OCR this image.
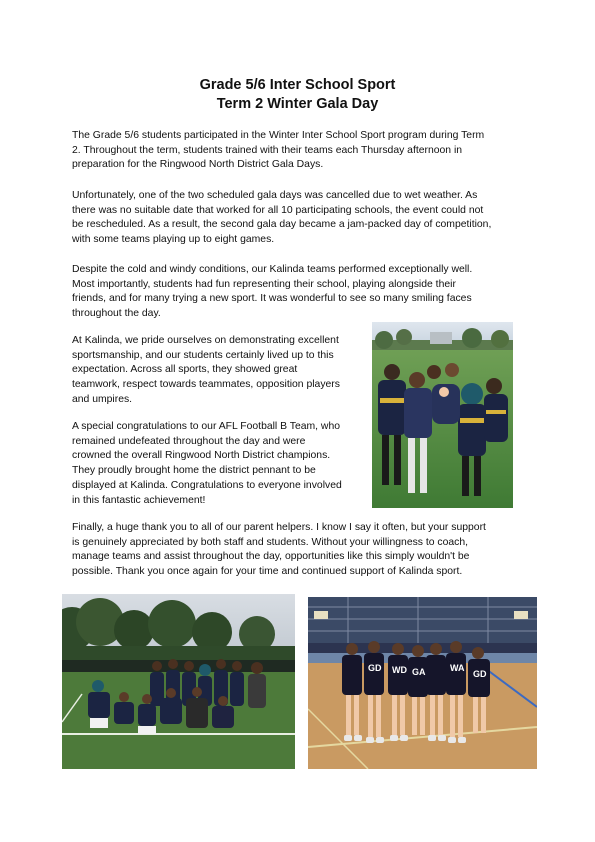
Grade 5/6 Inter School Sport
Term 2 Winter Gala Day
The Grade 5/6 students participated in the Winter Inter School Sport program during Term
2. Throughout the term, students trained with their teams each Thursday afternoon in
preparation for the Ringwood North District Gala Days.
Unfortunately, one of the two scheduled gala days was cancelled due to wet weather. As
there was no suitable date that worked for all 10 participating schools, the event could not
be rescheduled. As a result, the second gala day became a jam-packed day of competition,
with some teams playing up to eight games.
Despite the cold and windy conditions, our Kalinda teams performed exceptionally well.
Most importantly, students had fun representing their school, playing alongside their
friends, and for many trying a new sport. It was wonderful to see so many smiling faces
throughout the day.
At Kalinda, we pride ourselves on demonstrating excellent
sportsmanship, and our students certainly lived up to this
expectation. Across all sports, they showed great
teamwork, respect towards teammates, opposition players
and umpires.
A special congratulations to our AFL Football B Team, who
remained undefeated throughout the day and were
crowned the overall Ringwood North District champions.
They proudly brought home the district pennant to be
displayed at Kalinda. Congratulations to everyone involved
in this fantastic achievement!
Finally, a huge thank you to all of our parent helpers. I know I say it often, but your support
is genuinely appreciated by both staff and students. Without your willingness to coach,
manage teams and assist throughout the day, opportunities like this simply wouldn't be
possible. Thank you once again for your time and continued support of Kalinda sport.
GD WD GA	WA
GD
